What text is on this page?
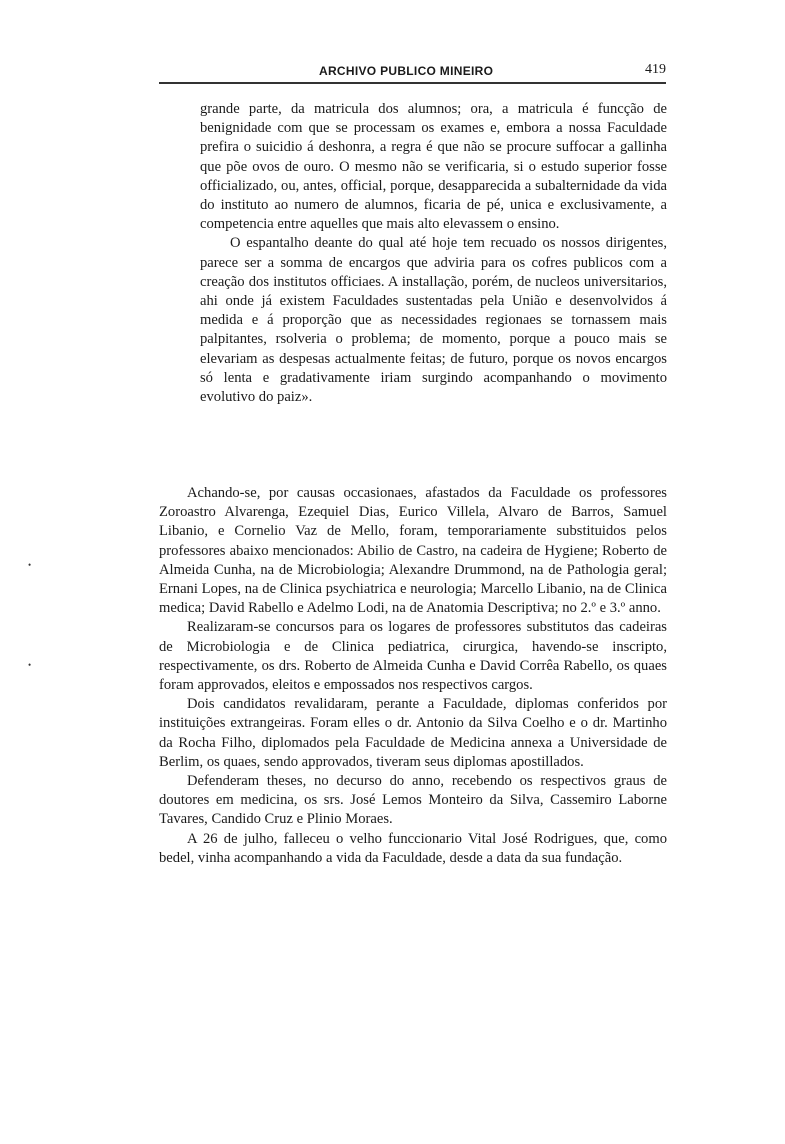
ARCHIVO PUBLICO MINEIRO	419

grande parte, da matricula dos alumnos; ora, a matricula é funcção de benignidade com que se processam os exames e, embora a nossa Faculdade prefira o suicidio á deshonra, a regra é que não se procure suffocar a gallinha que põe ovos de ouro. O mesmo não se verificaria, si o estudo superior fosse officializado, ou, antes, official, porque, desapparecida a subalternidade da vida do instituto ao numero de alumnos, ficaria de pé, unica e exclusivamente, a competencia entre aquelles que mais alto elevassem o ensino.

O espantalho deante do qual até hoje tem recuado os nossos dirigentes, parece ser a somma de encargos que adviria para os cofres publicos com a creação dos institutos officiaes. A installação, porém, de nucleos universitarios, ahi onde já existem Faculdades sustentadas pela União e desenvolvidos á medida e á proporção que as necessidades regionaes se tornassem mais palpitantes, rsolveria o problema; de momento, porque a pouco mais se elevariam as despesas actualmente feitas; de futuro, porque os novos encargos só lenta e gradativamente iriam surgindo acompanhando o movimento evolutivo do paiz».

Achando-se, por causas occasionaes, afastados da Faculdade os professores Zoroastro Alvarenga, Ezequiel Dias, Eurico Villela, Alvaro de Barros, Samuel Libanio, e Cornelio Vaz de Mello, foram, temporariamente substituidos pelos professores abaixo mencionados: Abilio de Castro, na cadeira de Hygiene; Roberto de Almeida Cunha, na de Microbiologia; Alexandre Drummond, na de Pathologia geral; Ernani Lopes, na de Clinica psychiatrica e neurologia; Marcello Libanio, na de Clinica medica; David Rabello e Adelmo Lodi, na de Anatomia Descriptiva; no 2.º e 3.º anno.

Realizaram-se concursos para os logares de professores substitutos das cadeiras de Microbiologia e de Clinica pediatrica, cirurgica, havendo-se inscripto, respectivamente, os drs. Roberto de Almeida Cunha e David Corrêa Rabello, os quaes foram approvados, eleitos e empossados nos respectivos cargos.

Dois candidatos revalidaram, perante a Faculdade, diplomas conferidos por instituições extrangeiras. Foram elles o dr. Antonio da Silva Coelho e o dr. Martinho da Rocha Filho, diplomados pela Faculdade de Medicina annexa a Universidade de Berlim, os quaes, sendo approvados, tiveram seus diplomas apostillados.

Defenderam theses, no decurso do anno, recebendo os respectivos graus de doutores em medicina, os srs. José Lemos Monteiro da Silva, Cassemiro Laborne Tavares, Candido Cruz e Plinio Moraes.

A 26 de julho, falleceu o velho funccionario Vital José Rodrigues, que, como bedel, vinha acompanhando a vida da Faculdade, desde a data da sua fundação.

•
•
